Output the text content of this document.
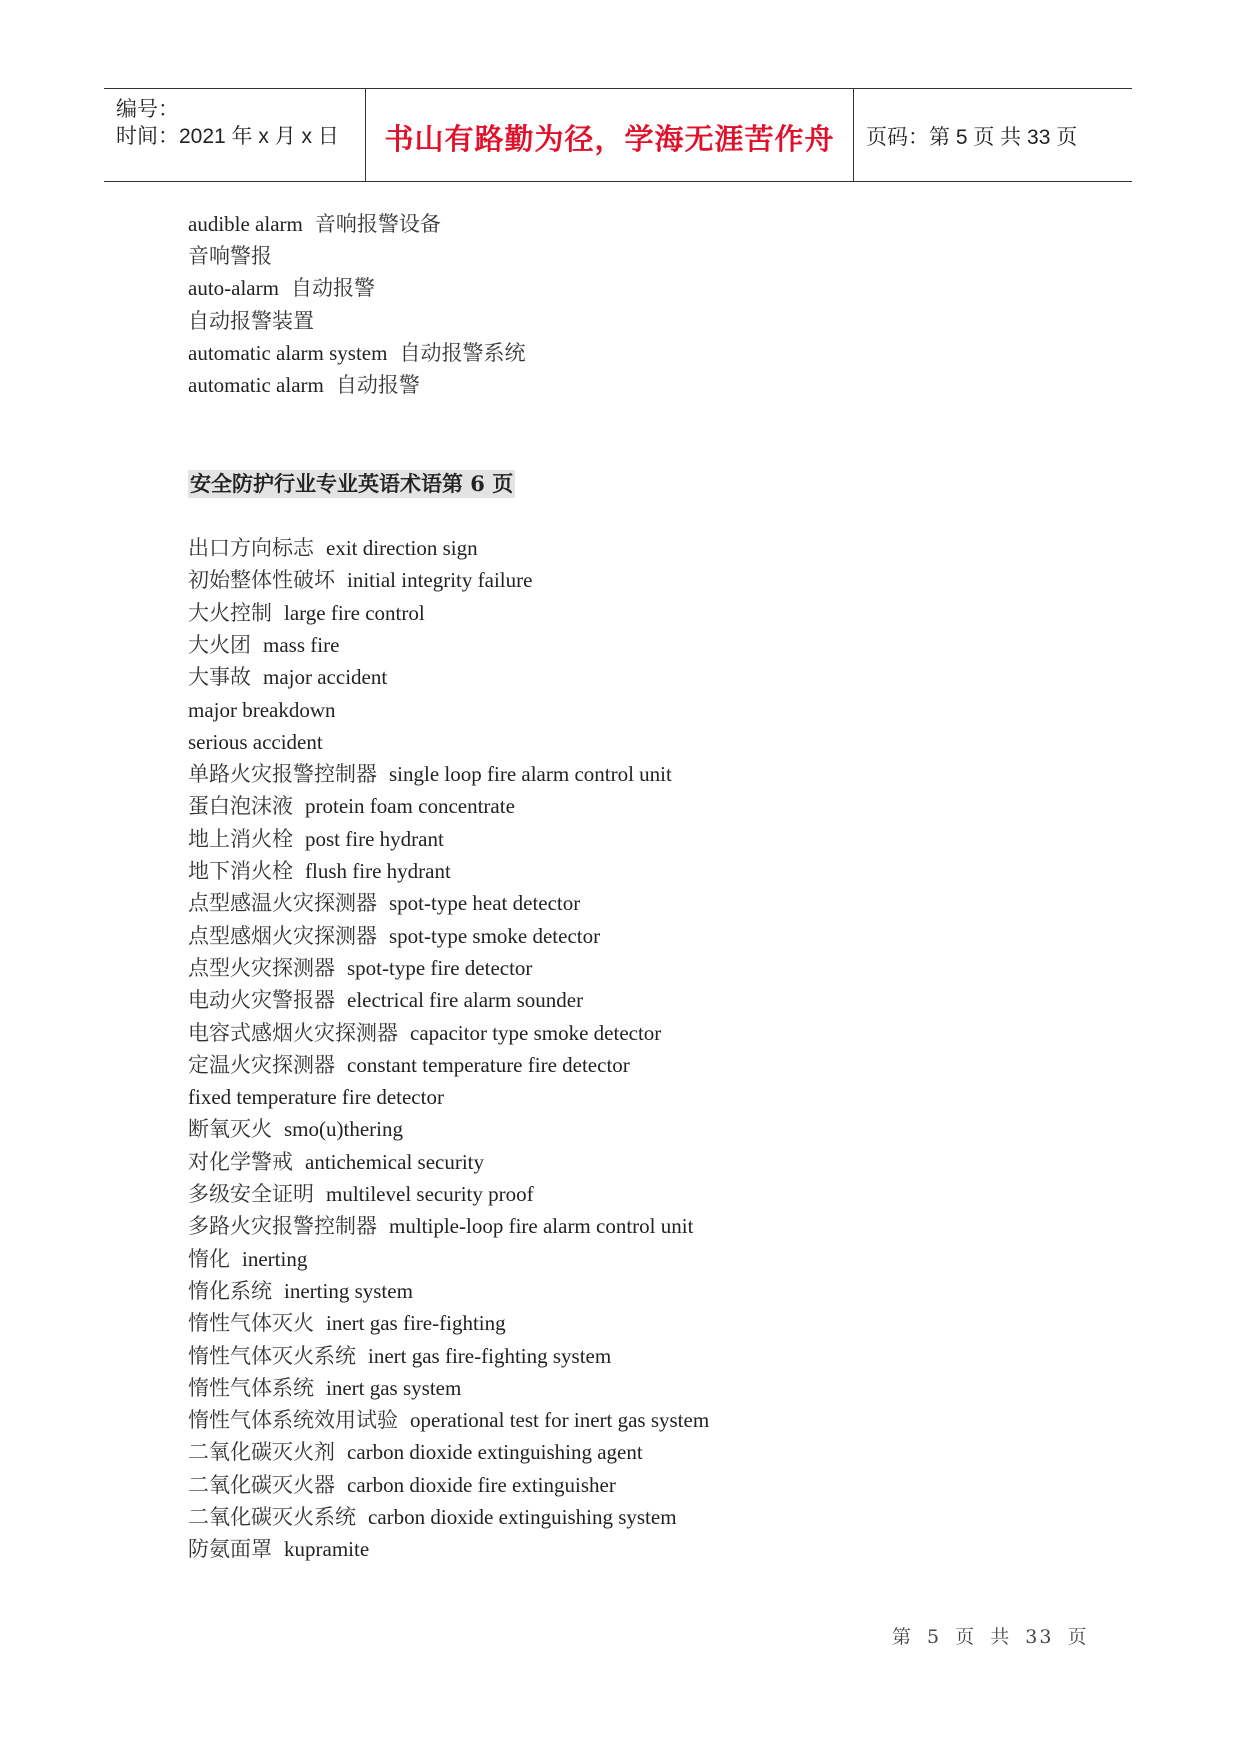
编号：
时间：2021 年 x 月 x 日	书山有路勤为径，学海无涯苦作舟	页码：第 5 页 共 33 页
audible alarm 音响报警设备
音响警报
auto-alarm 自动报警
自动报警装置
automatic alarm system 自动报警系统
automatic alarm 自动报警
安全防护行业专业英语术语第 6 页
出口方向标志 exit direction sign
初始整体性破坏 initial integrity failure
大火控制 large fire control
大火团 mass fire
大事故 major accident
major breakdown
serious accident
单路火灾报警控制器 single loop fire alarm control unit
蛋白泡沫液 protein foam concentrate
地上消火栓 post fire hydrant
地下消火栓 flush fire hydrant
点型感温火灾探测器 spot-type heat detector
点型感烟火灾探测器 spot-type smoke detector
点型火灾探测器 spot-type fire detector
电动火灾警报器 electrical fire alarm sounder
电容式感烟火灾探测器 capacitor type smoke detector
定温火灾探测器 constant temperature fire detector
fixed temperature fire detector
断氧灭火 smo(u)thering
对化学警戒 antichemical security
多级安全证明 multilevel security proof
多路火灾报警控制器 multiple-loop fire alarm control unit
惰化 inerting
惰化系统 inerting system
惰性气体灭火 inert gas fire-fighting
惰性气体灭火系统 inert gas fire-fighting system
惰性气体系统 inert gas system
惰性气体系统效用试验 operational test for inert gas system
二氧化碳灭火剂 carbon dioxide extinguishing agent
二氧化碳灭火器 carbon dioxide fire extinguisher
二氧化碳灭火系统 carbon dioxide extinguishing system
防氨面罩 kupramite
第 5 页 共 33 页
